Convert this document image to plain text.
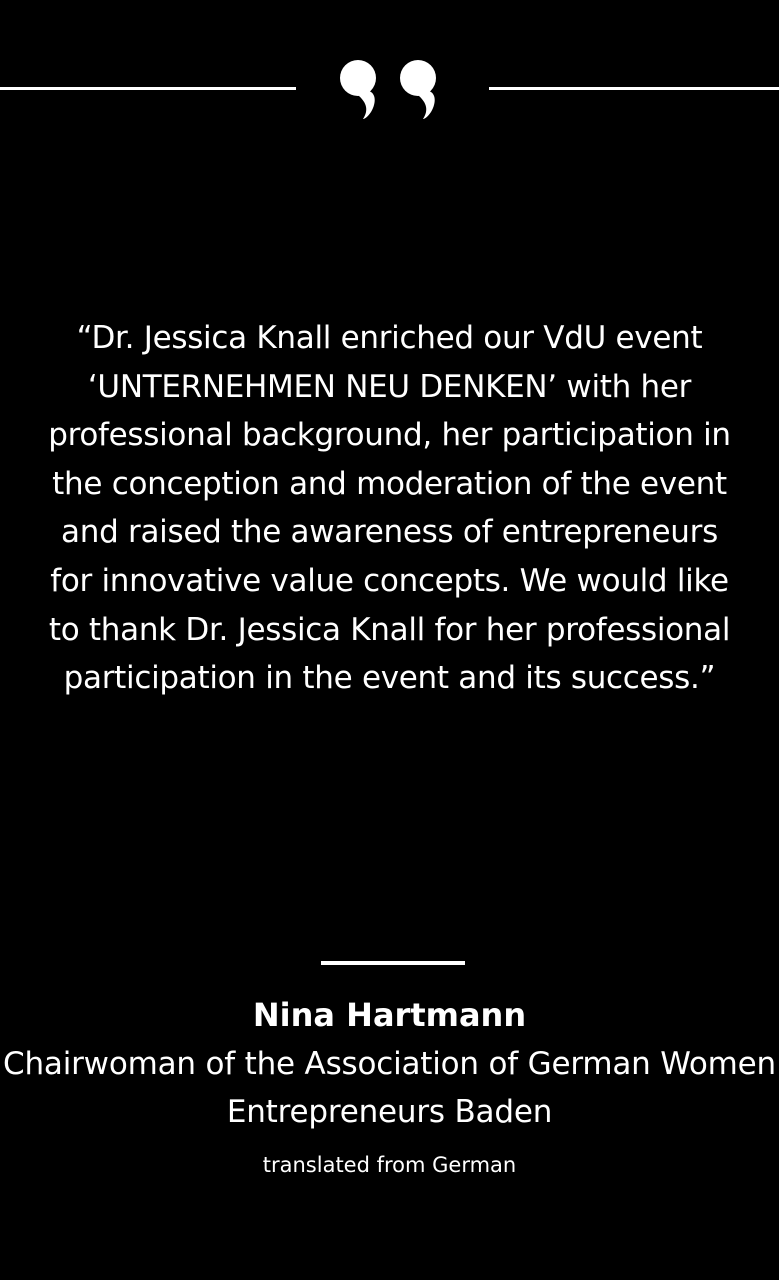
“Dr. Jessica Knall enriched our VdU event ‘UNTERNEHMEN NEU DENKEN’ with her professional background, her participation in the conception and moderation of the event and raised the awareness of entrepreneurs for innovative value concepts. We would like to thank Dr. Jessica Knall for her professional participation in the event and its success.”

Nina Hartmann
Chairwoman of the Association of German Women Entrepreneurs Baden
translated from German
